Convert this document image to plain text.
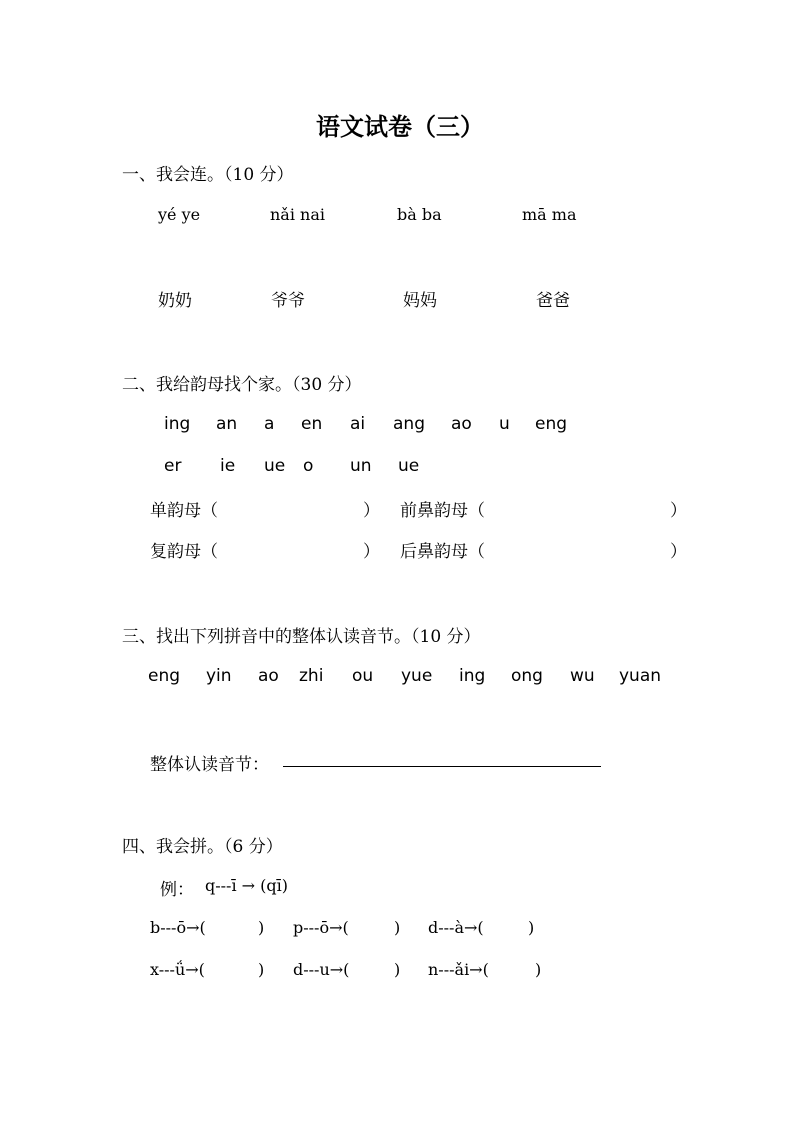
语文试卷（三）
一、我会连。（10 分）
yé ye	nǎi nai	bà ba	mā ma
奶奶	爷爷	妈妈	爸爸
二、我给韵母找个家。（30 分）
ing an a en ai ang ao u eng
er ie ue o un ue
单韵母（	） 前鼻韵母（	）
复韵母（	） 后鼻韵母（	）
三、找出下列拼音中的整体认读音节。（10 分）
eng yin ao zhi ou yue ing ong wu yuan
整体认读音节：
四、我会拼。（6 分）
例： q---ī → (qī)
b---ō→(	) p---ō→(	) d---à→(	)
x---ǘ→(	) d---u→(	) n---ǎi→(	)
